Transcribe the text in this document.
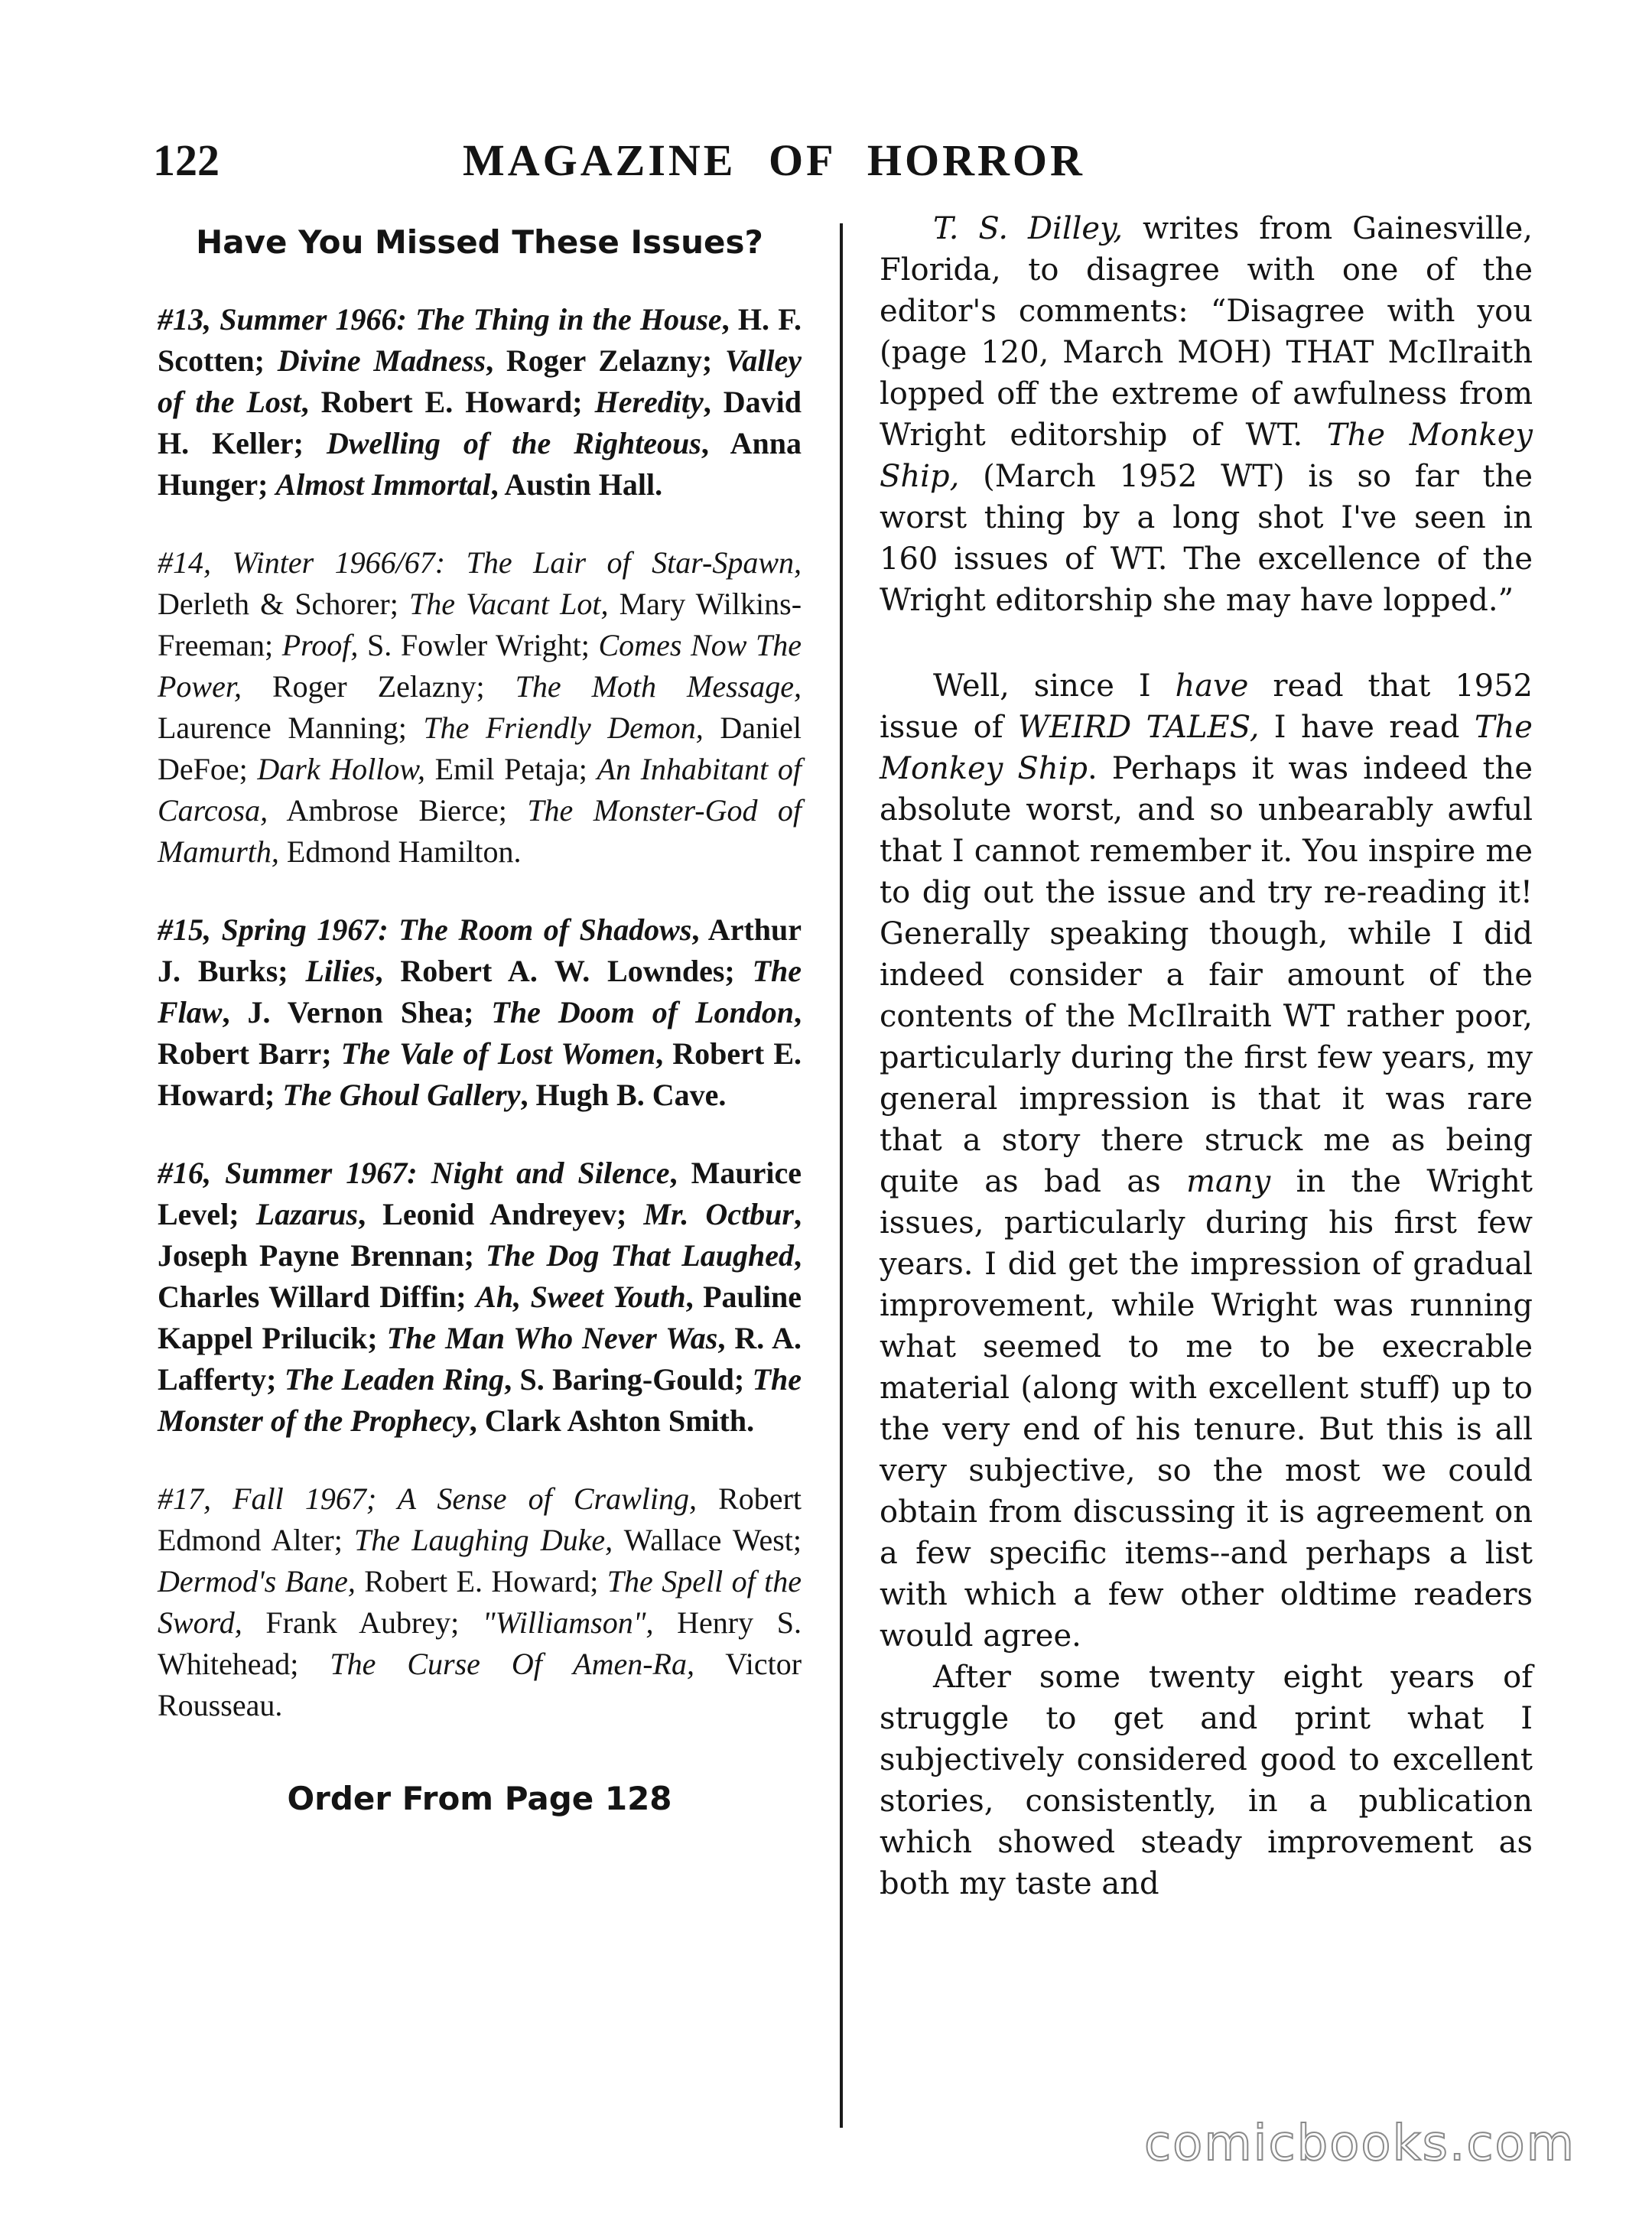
122	MAGAZINE OF HORROR
Have You Missed These Issues?

#13, Summer 1966: The Thing in the House, H. F. Scotten; Divine Madness, Roger Zelazny; Valley of the Lost, Robert E. Howard; Heredity, David H. Keller; Dwelling of the Righteous, Anna Hunger; Almost Immortal, Austin Hall.

#14, Winter 1966/67: The Lair of Star-Spawn, Derleth & Schorer; The Vacant Lot, Mary Wilkins-Freeman; Proof, S. Fowler Wright; Comes Now The Power, Roger Zelazny; The Moth Message, Laurence Manning; The Friendly Demon, Daniel DeFoe; Dark Hollow, Emil Petaja; An Inhabitant of Carcosa, Ambrose Bierce; The Monster-God of Mamurth, Edmond Hamilton.

#15, Spring 1967: The Room of Shadows, Arthur J. Burks; Lilies, Robert A. W. Lowndes; The Flaw, J. Vernon Shea; The Doom of London, Robert Barr; The Vale of Lost Women, Robert E. Howard; The Ghoul Gallery, Hugh B. Cave.

#16, Summer 1967: Night and Silence, Maurice Level; Lazarus, Leonid Andreyev; Mr. Octbur, Joseph Payne Brennan; The Dog That Laughed, Charles Willard Diffin; Ah, Sweet Youth, Pauline Kappel Prilucik; The Man Who Never Was, R. A. Lafferty; The Leaden Ring, S. Baring-Gould; The Monster of the Prophecy, Clark Ashton Smith.

#17, Fall 1967; A Sense of Crawling, Robert Edmond Alter; The Laughing Duke, Wallace West; Dermod's Bane, Robert E. Howard; The Spell of the Sword, Frank Aubrey; "Williamson", Henry S. Whitehead; The Curse Of Amen-Ra, Victor Rousseau.

Order From Page 128

T. S. Dilley, writes from Gainesville, Florida, to disagree with one of the editor's comments: “Disagree with you (page 120, March MOH) THAT McIlraith lopped off the extreme of awfulness from Wright editorship of WT. The Monkey Ship, (March 1952 WT) is so far the worst thing by a long shot I've seen in 160 issues of WT. The excellence of the Wright editorship she may have lopped.”

Well, since I have read that 1952 issue of WEIRD TALES, I have read The Monkey Ship. Perhaps it was indeed the absolute worst, and so unbearably awful that I cannot remember it. You inspire me to dig out the issue and try re-reading it! Generally speaking though, while I did indeed consider a fair amount of the contents of the McIlraith WT rather poor, particularly during the first few years, my general impression is that it was rare that a story there struck me as being quite as bad as many in the Wright issues, particularly during his first few years. I did get the impression of gradual improvement, while Wright was running what seemed to me to be execrable material (along with excellent stuff) up to the very end of his tenure. But this is all very subjective, so the most we could obtain from discussing it is agreement on a few specific items--and perhaps a list with which a few other oldtime readers would agree.

After some twenty eight years of struggle to get and print what I subjectively considered good to excellent stories, consistently, in a publication which showed steady improvement as both my taste and

comicbooks.com
